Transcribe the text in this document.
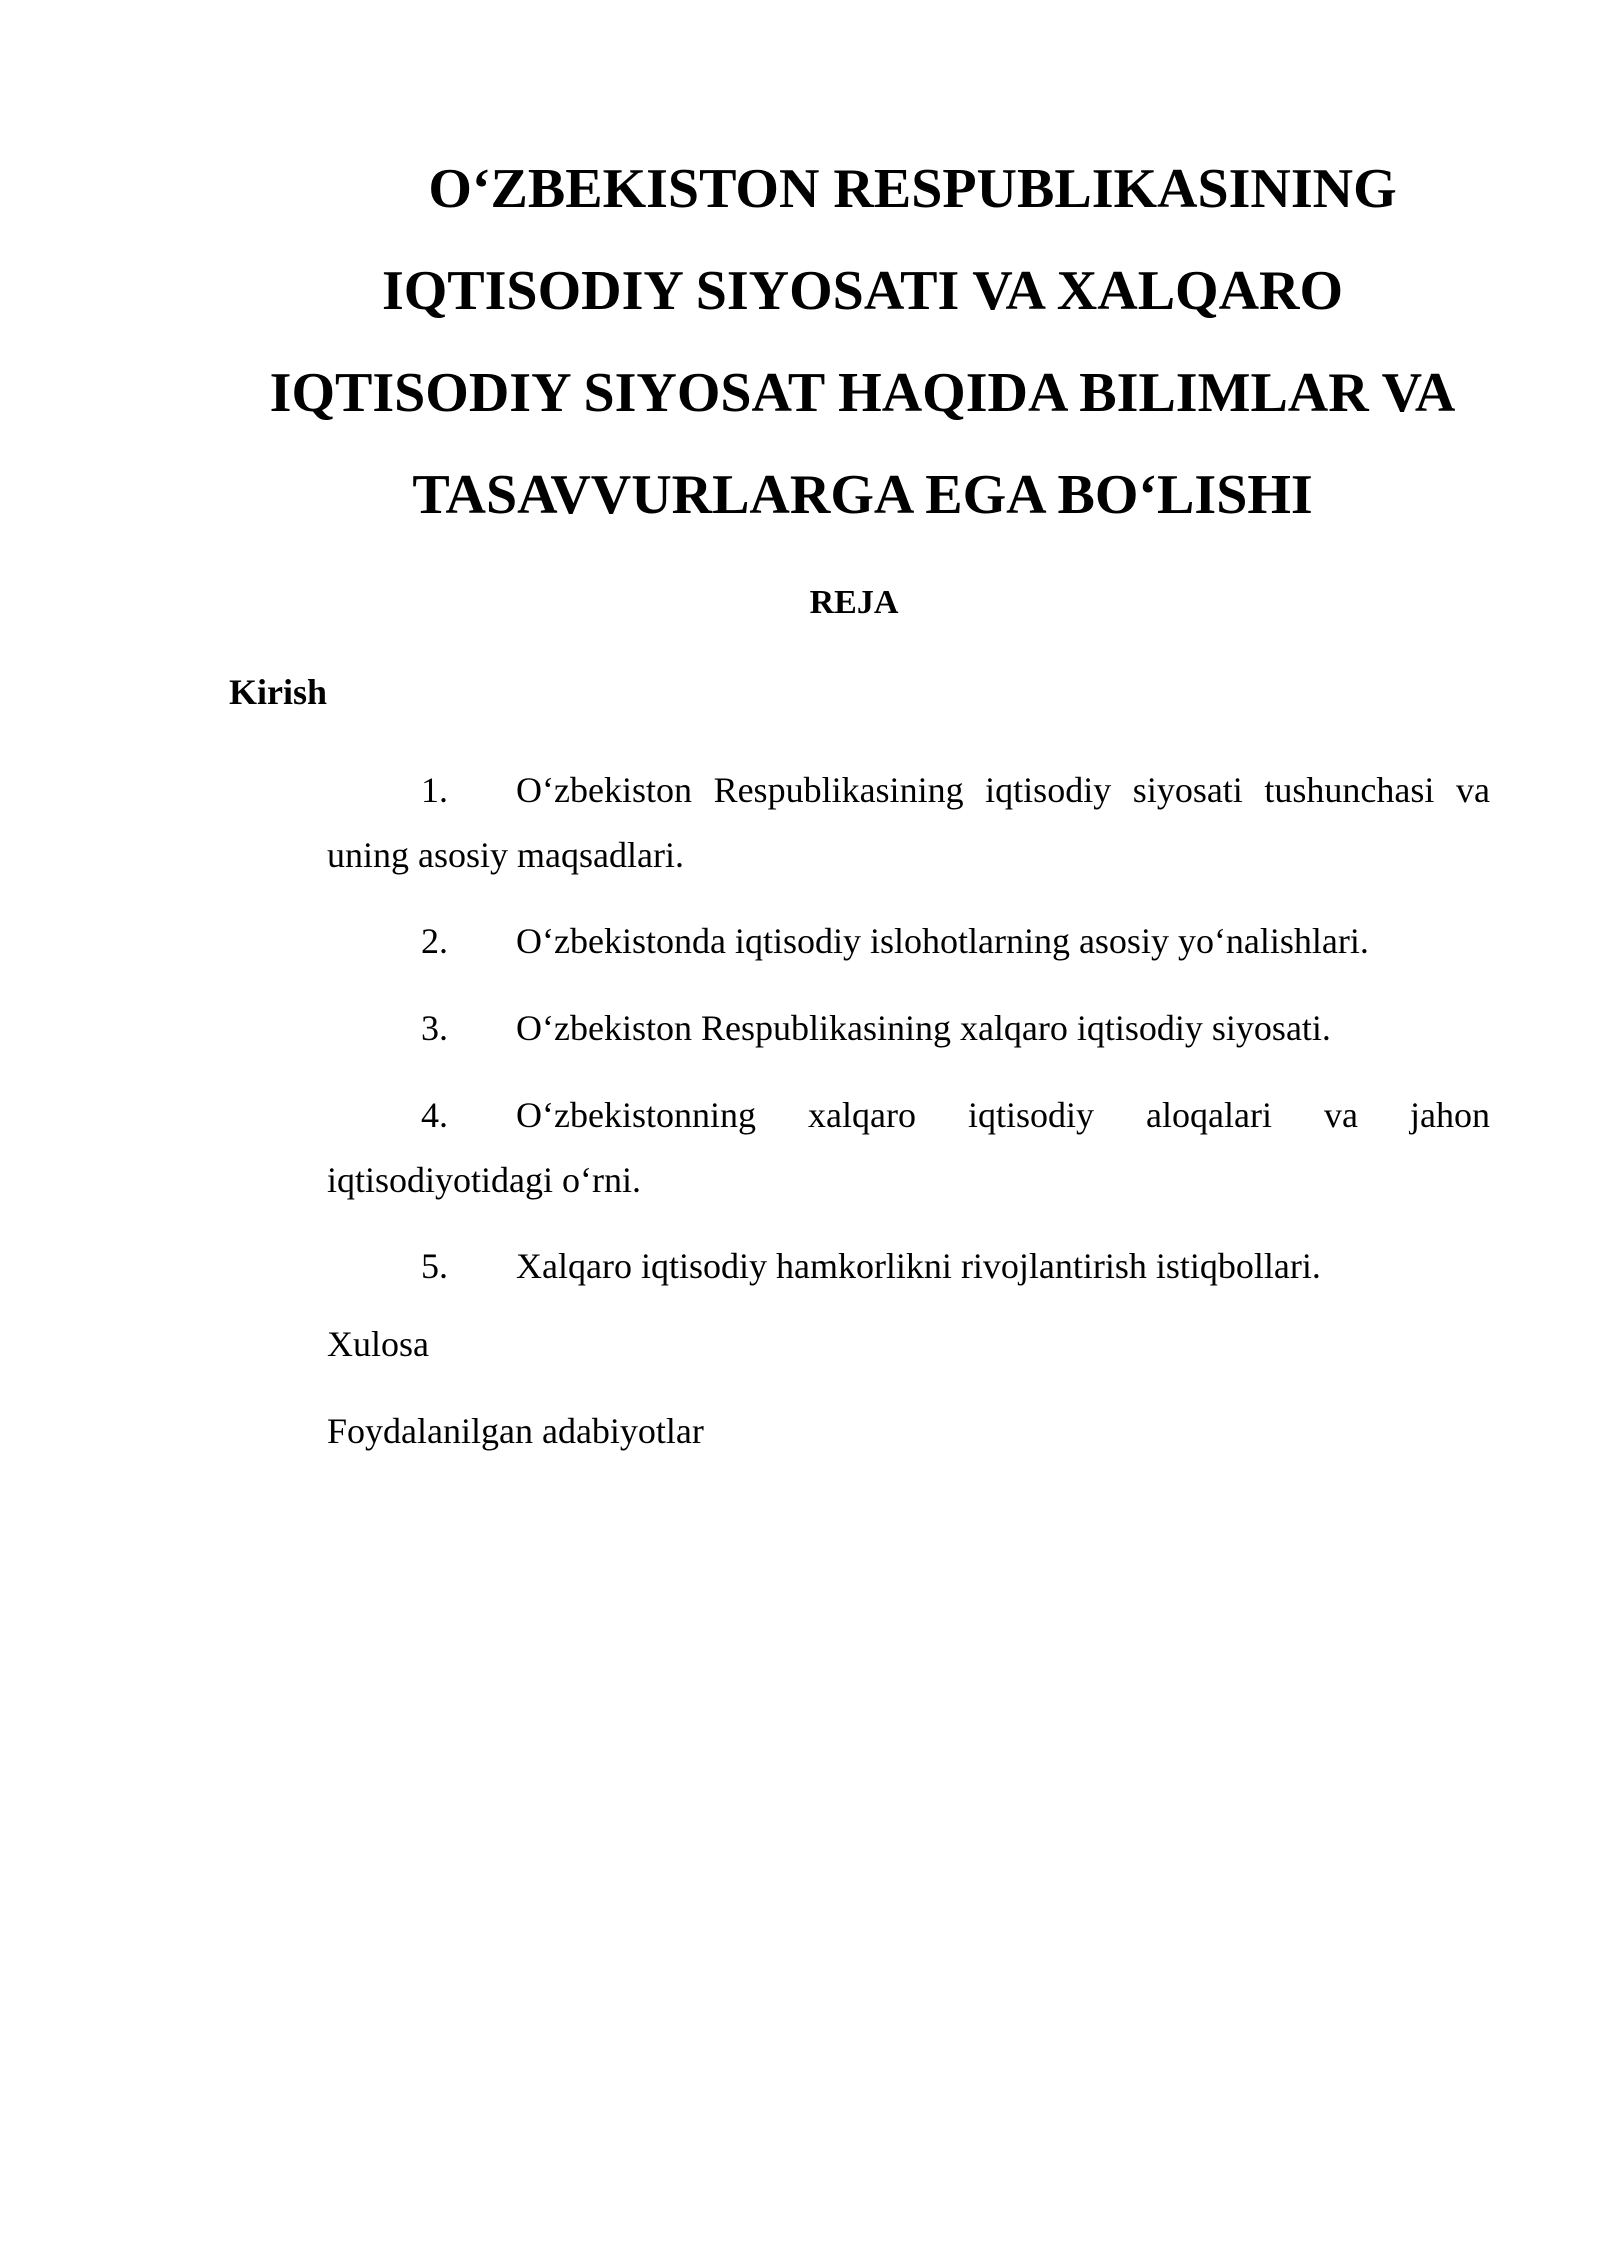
O‘ZBEKISTON RESPUBLIKASINING
IQTISODIY SIYOSATI VA XALQARO
IQTISODIY SIYOSAT HAQIDA BILIMLAR VA
TASAVVURLARGA EGA BO‘LISHI
REJA
Kirish
1.	O‘zbekiston Respublikasining iqtisodiy siyosati tushunchasi va uning asosiy maqsadlari.
2.	O‘zbekistonda iqtisodiy islohotlarning asosiy yo‘nalishlari.
3.	O‘zbekiston Respublikasining xalqaro iqtisodiy siyosati.
4.	O‘zbekistonning xalqaro iqtisodiy aloqalari va jahon iqtisodiyotidagi o‘rni.
5.	Xalqaro iqtisodiy hamkorlikni rivojlantirish istiqbollari.
Xulosa
Foydalanilgan adabiyotlar
